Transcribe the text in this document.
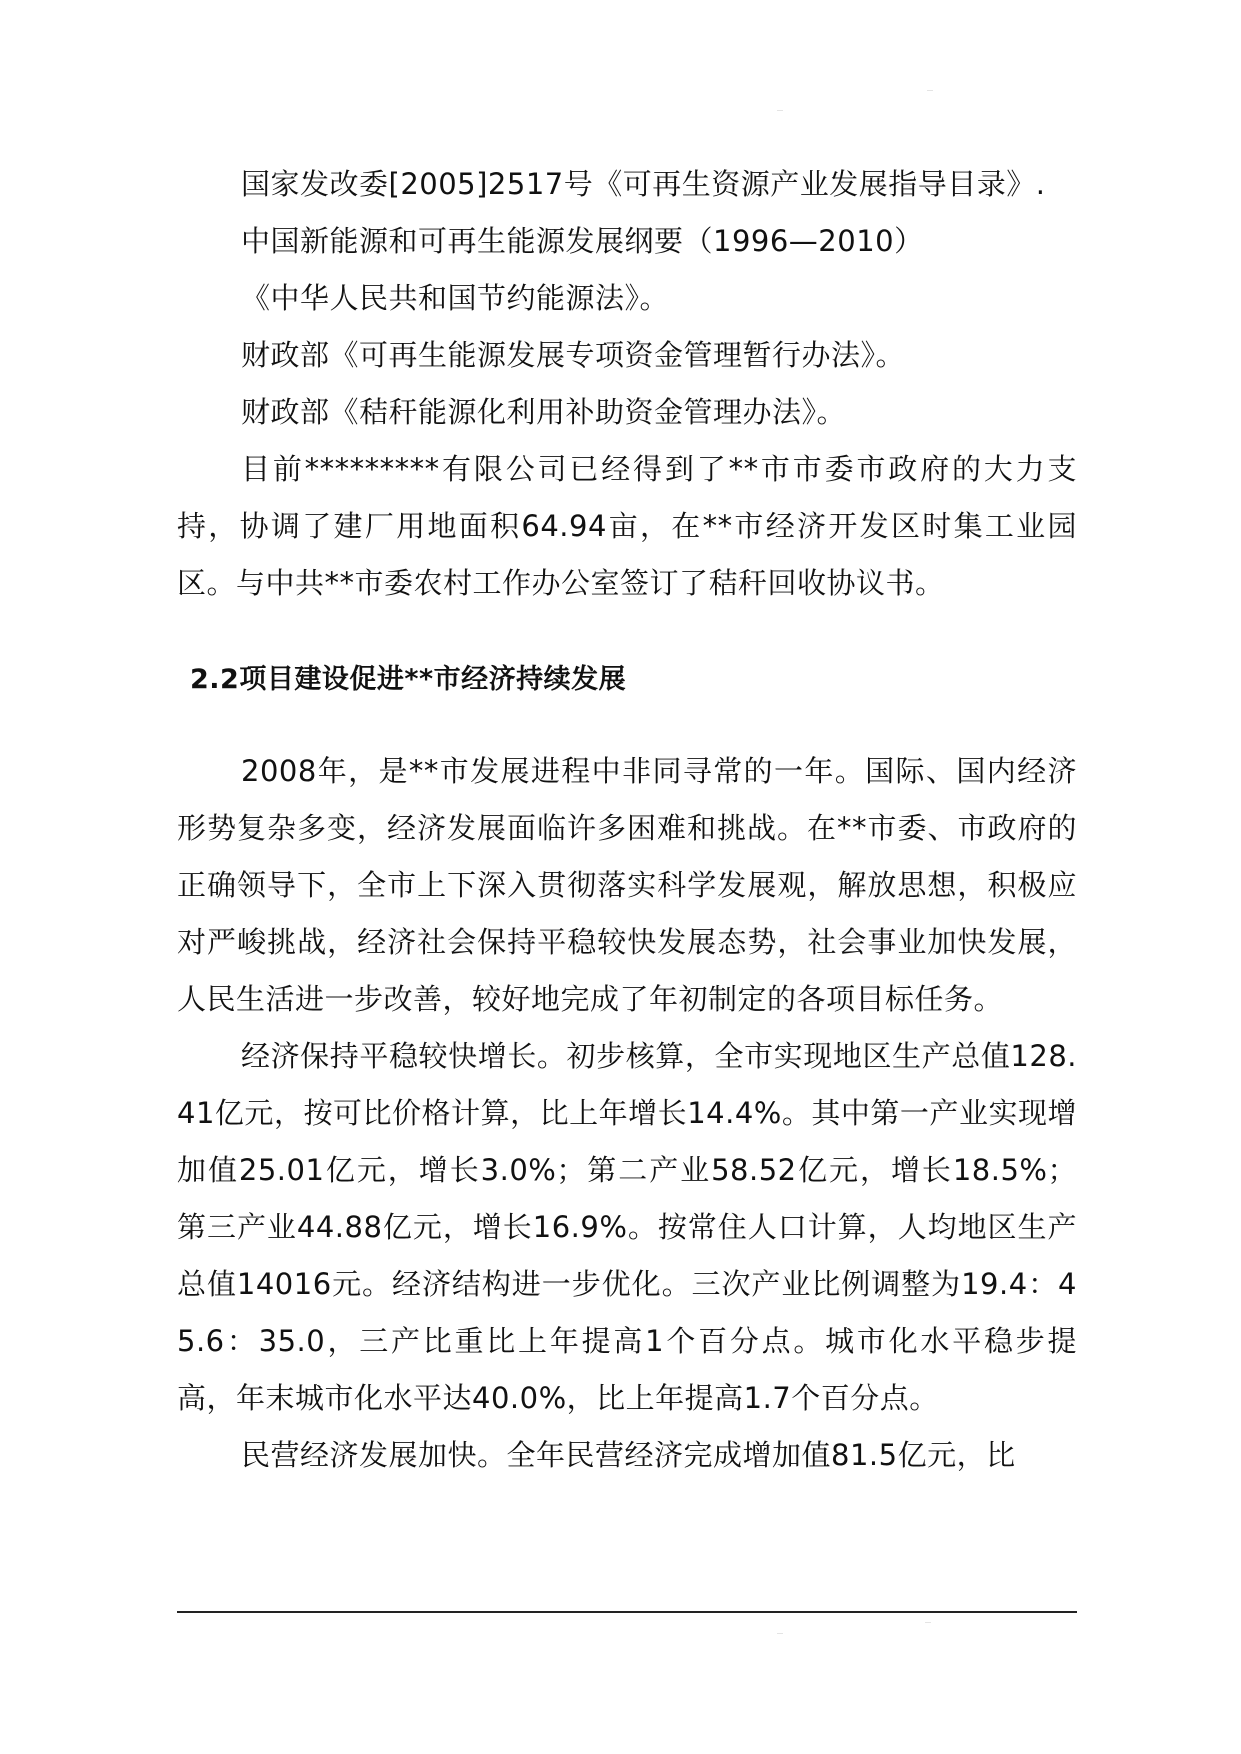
国家发改委[2005]2517号《可再生资源产业发展指导目录》.

中国新能源和可再生能源发展纲要（1996—2010）

《中华人民共和国节约能源法》。

财政部《可再生能源发展专项资金管理暂行办法》。

财政部《秸秆能源化利用补助资金管理办法》。

目前*********有限公司已经得到了**市市委市政府的大力支持，协调了建厂用地面积64.94亩，在**市经济开发区时集工业园区。与中共**市委农村工作办公室签订了秸秆回收协议书。

2.2项目建设促进**市经济持续发展

2008年，是**市发展进程中非同寻常的一年。国际、国内经济形势复杂多变，经济发展面临许多困难和挑战。在**市委、市政府的正确领导下，全市上下深入贯彻落实科学发展观，解放思想，积极应对严峻挑战，经济社会保持平稳较快发展态势，社会事业加快发展，人民生活进一步改善，较好地完成了年初制定的各项目标任务。

经济保持平稳较快增长。初步核算，全市实现地区生产总值128.41亿元，按可比价格计算，比上年增长14.4%。其中第一产业实现增加值25.01亿元，增长3.0%；第二产业58.52亿元，增长18.5%；第三产业44.88亿元，增长16.9%。按常住人口计算，人均地区生产总值14016元。经济结构进一步优化。三次产业比例调整为19.4：45.6：35.0，三产比重比上年提高1个百分点。城市化水平稳步提高，年末城市化水平达40.0%，比上年提高1.7个百分点。

民营经济发展加快。全年民营经济完成增加值81.5亿元，比
